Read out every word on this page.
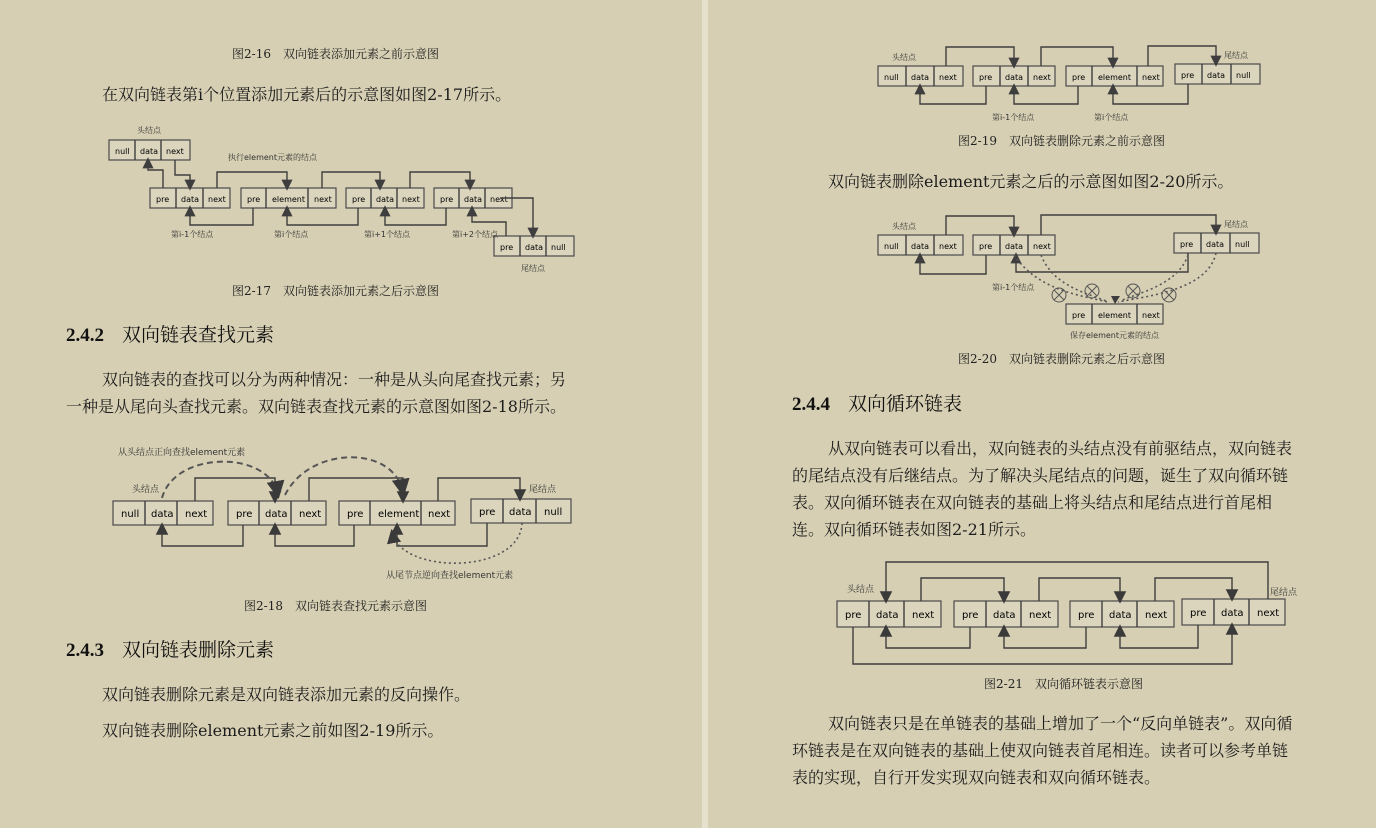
图2-16　双向链表添加元素之前示意图
在双向链表第i个位置添加元素后的示意图如图2-17所示。
头结点
null data next
执行element元素的结点
pre data next	pre element next	pre data next	pre data next
pre data null
第i-1个结点	第i个结点	第i+1个结点	第i+2个结点
尾结点
图2-17　双向链表添加元素之后示意图
2.4.2 双向链表查找元素
双向链表的查找可以分为两种情况：一种是从头向尾查找元素；另
一种是从尾向头查找元素。双向链表查找元素的示意图如图2-18所示。
从头结点正向查找element元素
头结点	尾结点
null data next	pre data next	pre element next	pre data null
从尾节点逆向查找element元素
图2-18　双向链表查找元素示意图
2.4.3 双向链表删除元素
双向链表删除元素是双向链表添加元素的反向操作。
双向链表删除element元素之前如图2-19所示。
头结点	尾结点
null data next	pre data next	pre element next	pre data null
第i-1个结点	第i个结点
图2-19　双向链表删除元素之前示意图
双向链表删除element元素之后的示意图如图2-20所示。
头结点	尾结点
null data next	pre data next	pre data null
pre element next
第i-1个结点
保存element元素的结点
图2-20　双向链表删除元素之后示意图
2.4.4 双向循环链表
从双向链表可以看出，双向链表的头结点没有前驱结点，双向链表
的尾结点没有后继结点。为了解决头尾结点的问题，诞生了双向循环链
表。双向循环链表在双向链表的基础上将头结点和尾结点进行首尾相
连。双向循环链表如图2-21所示。
头结点	尾结点
pre data next	pre data next	pre data next pre data next
图2-21　双向循环链表示意图
双向链表只是在单链表的基础上增加了一个“反向单链表”。双向循
环链表是在双向链表的基础上使双向链表首尾相连。读者可以参考单链
表的实现，自行开发实现双向链表和双向循环链表。
